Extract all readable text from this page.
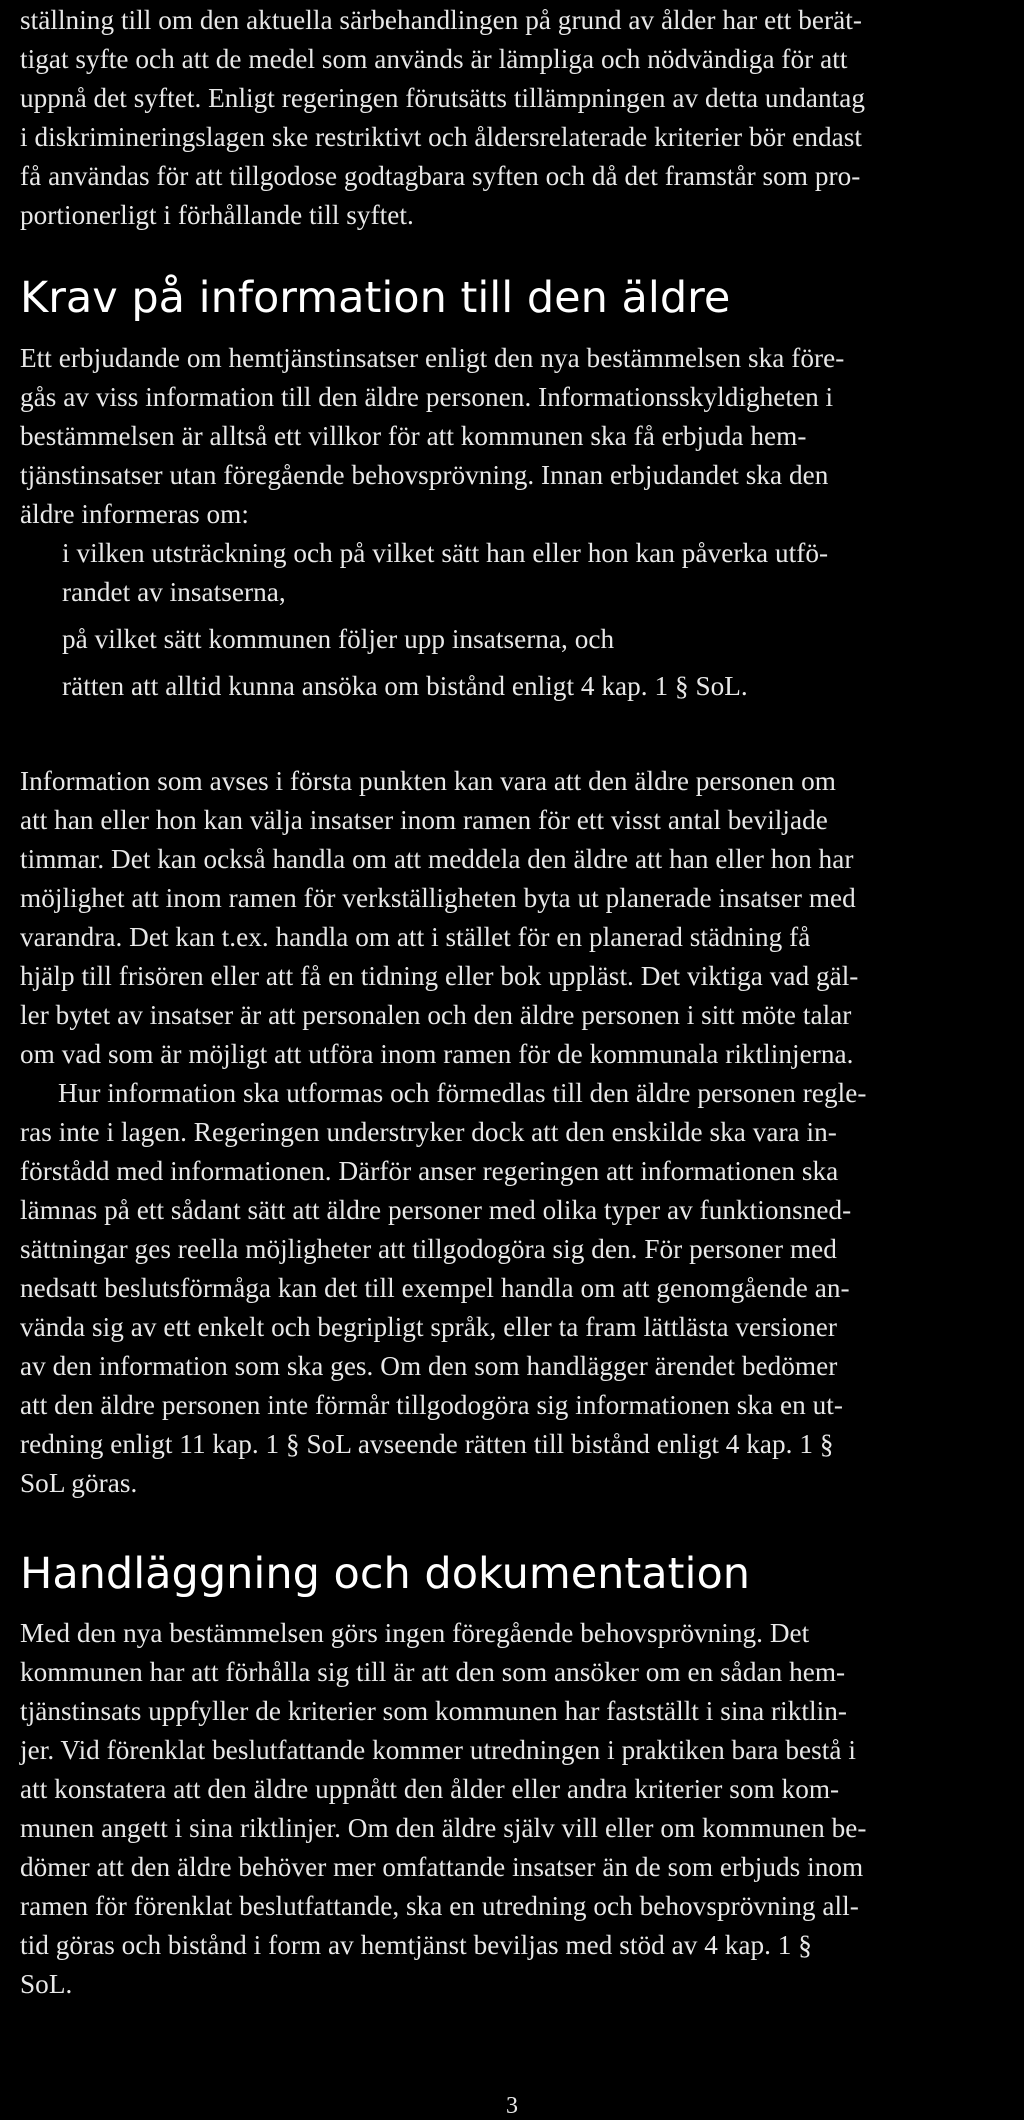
ställning till om den aktuella särbehandlingen på grund av ålder har ett berät-
tigat syfte och att de medel som används är lämpliga och nödvändiga för att
uppnå det syftet. Enligt regeringen förutsätts tillämpningen av detta undantag
i diskrimineringslagen ske restriktivt och åldersrelaterade kriterier bör endast
få användas för att tillgodose godtagbara syften och då det framstår som pro-
portionerligt i förhållande till syftet.
Krav på information till den äldre
Ett erbjudande om hemtjänstinsatser enligt den nya bestämmelsen ska före-
gås av viss information till den äldre personen. Informationsskyldigheten i
bestämmelsen är alltså ett villkor för att kommunen ska få erbjuda hem-
tjänstinsatser utan föregående behovsprövning. Innan erbjudandet ska den
äldre informeras om:
i vilken utsträckning och på vilket sätt han eller hon kan påverka utfö-
randet av insatserna,
på vilket sätt kommunen följer upp insatserna, och
rätten att alltid kunna ansöka om bistånd enligt 4 kap. 1 § SoL.
Information som avses i första punkten kan vara att den äldre personen om
att han eller hon kan välja insatser inom ramen för ett visst antal beviljade
timmar. Det kan också handla om att meddela den äldre att han eller hon har
möjlighet att inom ramen för verkställigheten byta ut planerade insatser med
varandra. Det kan t.ex. handla om att i stället för en planerad städning få
hjälp till frisören eller att få en tidning eller bok uppläst. Det viktiga vad gäl-
ler bytet av insatser är att personalen och den äldre personen i sitt möte talar
om vad som är möjligt att utföra inom ramen för de kommunala riktlinjerna.
Hur information ska utformas och förmedlas till den äldre personen regle-
ras inte i lagen. Regeringen understryker dock att den enskilde ska vara in-
förstådd med informationen. Därför anser regeringen att informationen ska
lämnas på ett sådant sätt att äldre personer med olika typer av funktionsned-
sättningar ges reella möjligheter att tillgodogöra sig den. För personer med
nedsatt beslutsförmåga kan det till exempel handla om att genomgående an-
vända sig av ett enkelt och begripligt språk, eller ta fram lättlästa versioner
av den information som ska ges. Om den som handlägger ärendet bedömer
att den äldre personen inte förmår tillgodogöra sig informationen ska en ut-
redning enligt 11 kap. 1 § SoL avseende rätten till bistånd enligt 4 kap. 1 §
SoL göras.
Handläggning och dokumentation
Med den nya bestämmelsen görs ingen föregående behovsprövning. Det
kommunen har att förhålla sig till är att den som ansöker om en sådan hem-
tjänstinsats uppfyller de kriterier som kommunen har fastställt i sina riktlin-
jer. Vid förenklat beslutfattande kommer utredningen i praktiken bara bestå i
att konstatera att den äldre uppnått den ålder eller andra kriterier som kom-
munen angett i sina riktlinjer. Om den äldre själv vill eller om kommunen be-
dömer att den äldre behöver mer omfattande insatser än de som erbjuds inom
ramen för förenklat beslutfattande, ska en utredning och behovsprövning all-
tid göras och bistånd i form av hemtjänst beviljas med stöd av 4 kap. 1 §
SoL.
3
